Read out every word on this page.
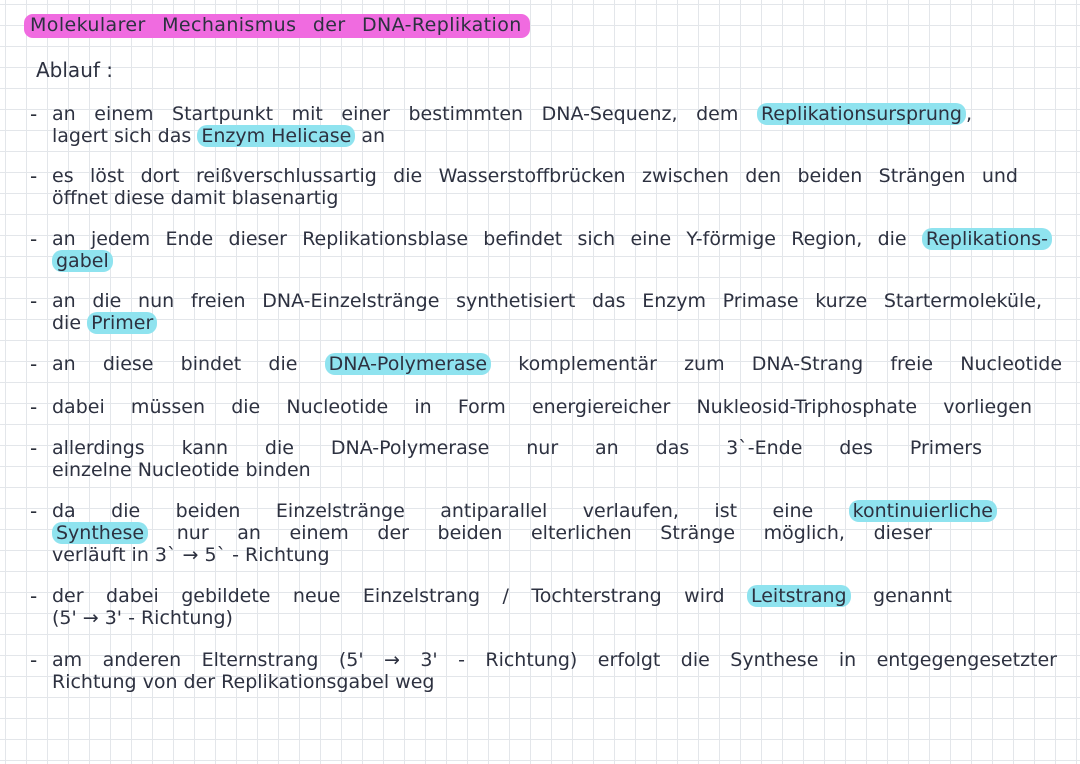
Molekularer Mechanismus der DNA-Replikation
Ablauf :
- an einem Startpunkt mit einer bestimmten DNA-Sequenz, dem Replikationsursprung ,
lagert sich das Enzym Helicase an
- es löst dort reißverschlussartig die Wasserstoffbrücken zwischen den beiden Strängen und
öffnet diese damit blasenartig
- an jedem Ende dieser Replikationsblase befindet sich eine Y-förmige Region, die Replikations-
gabel
- an die nun freien DNA-Einzelstränge synthetisiert das Enzym Primase kurze Startermoleküle,
die Primer
- an diese bindet die DNA-Polymerase komplementär zum DNA-Strang freie Nucleotide
- dabei müssen die Nucleotide in Form energiereicher Nukleosid-Triphosphate vorliegen
- allerdings kann die DNA-Polymerase nur an das 3`-Ende des Primers
einzelne Nucleotide binden
- da die beiden Einzelstränge antiparallel verlaufen, ist eine kontinuierliche
Synthese nur an einem der beiden elterlichen Stränge möglich, dieser
verläuft in 3` → 5` - Richtung
- der dabei gebildete neue Einzelstrang / Tochterstrang wird Leitstrang genannt
(5' → 3' - Richtung)
- am anderen Elternstrang (5' → 3' - Richtung) erfolgt die Synthese in entgegengesetzter
Richtung von der Replikationsgabel weg
